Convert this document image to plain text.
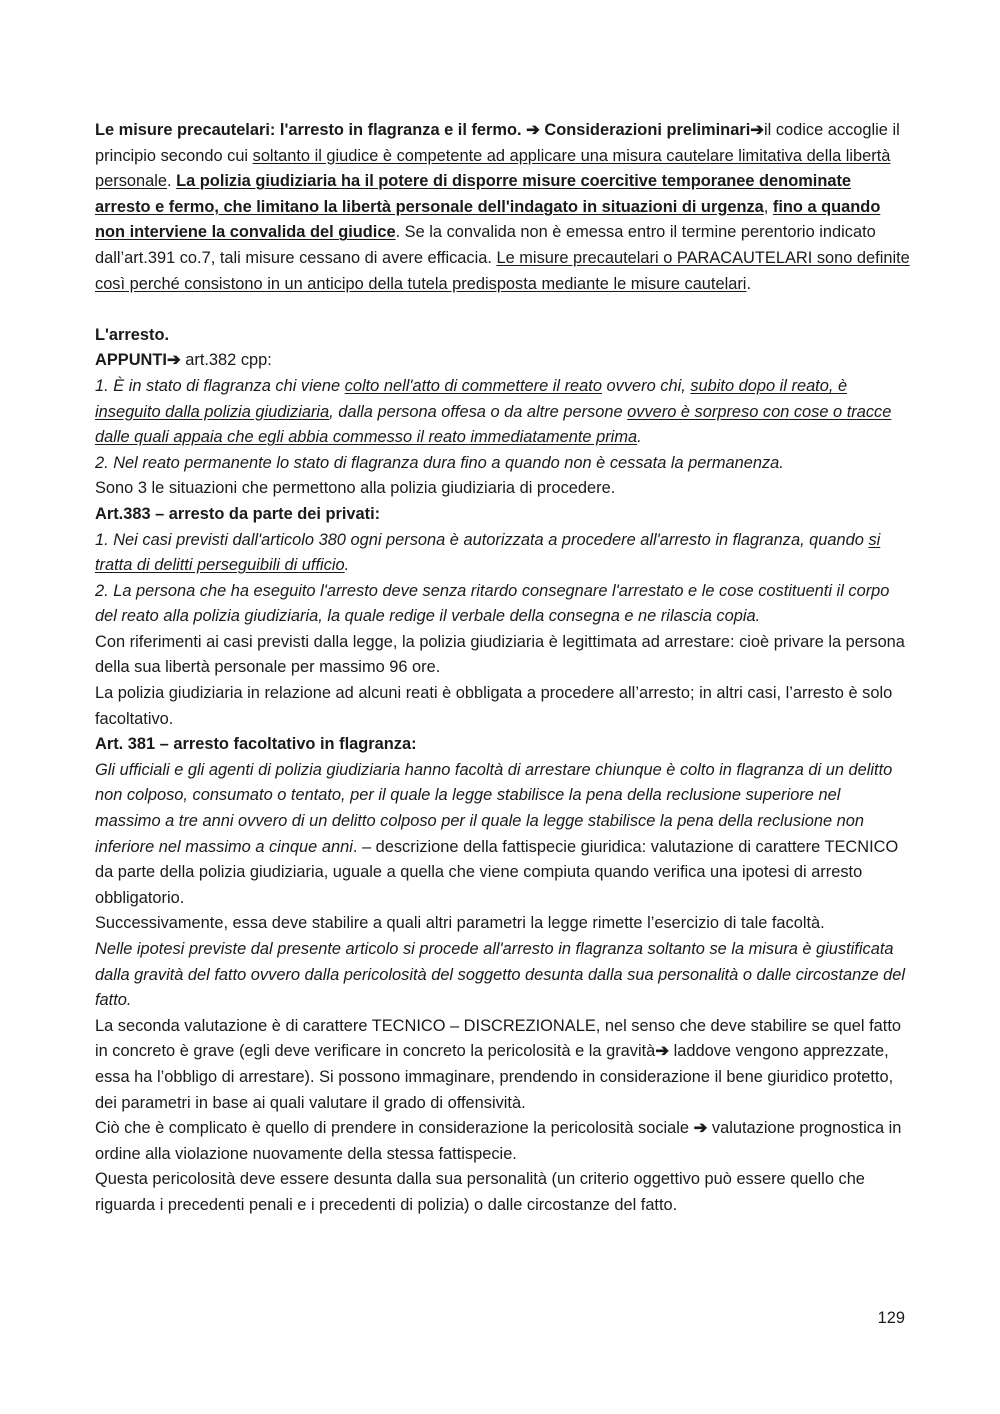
Le misure precautelari: l'arresto in flagranza e il fermo. ➔ Considerazioni preliminari➔il codice accoglie il principio secondo cui soltanto il giudice è competente ad applicare una misura cautelare limitativa della libertà personale. La polizia giudiziaria ha il potere di disporre misure coercitive temporanee denominate arresto e fermo, che limitano la libertà personale dell'indagato in situazioni di urgenza, fino a quando non interviene la convalida del giudice. Se la convalida non è emessa entro il termine perentorio indicato dall’art.391 co.7, tali misure cessano di avere efficacia. Le misure precautelari o PARACAUTELARI sono definite così perché consistono in un anticipo della tutela predisposta mediante le misure cautelari.

L'arresto.

APPUNTI➔ art.382 cpp:

1. È in stato di flagranza chi viene colto nell'atto di commettere il reato ovvero chi, subito dopo il reato, è inseguito dalla polizia giudiziaria, dalla persona offesa o da altre persone ovvero è sorpreso con cose o tracce dalle quali appaia che egli abbia commesso il reato immediatamente prima.

2. Nel reato permanente lo stato di flagranza dura fino a quando non è cessata la permanenza.

Sono 3 le situazioni che permettono alla polizia giudiziaria di procedere.

Art.383 – arresto da parte dei privati:

1. Nei casi previsti dall'articolo 380 ogni persona è autorizzata a procedere all'arresto in flagranza, quando si tratta di delitti perseguibili di ufficio.

2. La persona che ha eseguito l'arresto deve senza ritardo consegnare l'arrestato e le cose costituenti il corpo del reato alla polizia giudiziaria, la quale redige il verbale della consegna e ne rilascia copia.

Con riferimenti ai casi previsti dalla legge, la polizia giudiziaria è legittimata ad arrestare: cioè privare la persona della sua libertà personale per massimo 96 ore.

La polizia giudiziaria in relazione ad alcuni reati è obbligata a procedere all’arresto; in altri casi, l’arresto è solo facoltativo.

Art. 381 – arresto facoltativo in flagranza:

Gli ufficiali e gli agenti di polizia giudiziaria hanno facoltà di arrestare chiunque è colto in flagranza di un delitto non colposo, consumato o tentato, per il quale la legge stabilisce la pena della reclusione superiore nel massimo a tre anni ovvero di un delitto colposo per il quale la legge stabilisce la pena della reclusione non inferiore nel massimo a cinque anni. – descrizione della fattispecie giuridica: valutazione di carattere TECNICO da parte della polizia giudiziaria, uguale a quella che viene compiuta quando verifica una ipotesi di arresto obbligatorio.

Successivamente, essa deve stabilire a quali altri parametri la legge rimette l’esercizio di tale facoltà.

Nelle ipotesi previste dal presente articolo si procede all'arresto in flagranza soltanto se la misura è giustificata dalla gravità del fatto ovvero dalla pericolosità del soggetto desunta dalla sua personalità o dalle circostanze del fatto.

La seconda valutazione è di carattere TECNICO – DISCREZIONALE, nel senso che deve stabilire se quel fatto in concreto è grave (egli deve verificare in concreto la pericolosità e la gravità➔ laddove vengono apprezzate, essa ha l’obbligo di arrestare). Si possono immaginare, prendendo in considerazione il bene giuridico protetto, dei parametri in base ai quali valutare il grado di offensività.

Ciò che è complicato è quello di prendere in considerazione la pericolosità sociale ➔ valutazione prognostica in ordine alla violazione nuovamente della stessa fattispecie.

Questa pericolosità deve essere desunta dalla sua personalità (un criterio oggettivo può essere quello che riguarda i precedenti penali e i precedenti di polizia) o dalle circostanze del fatto.

129
